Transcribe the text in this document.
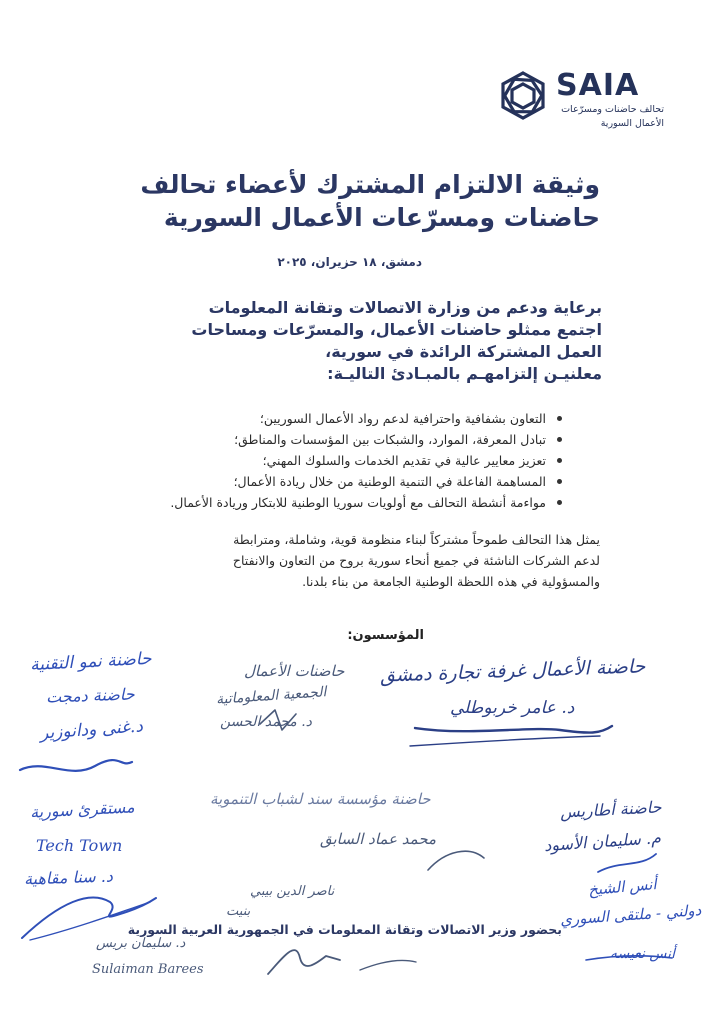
SAIA
تحالف حاضنات ومسرّعات
الأعمال السورية
وثيقة الالتزام المشترك لأعضاء تحالف
حاضنات ومسرّعات الأعمال السورية
دمشق، ١٨ حزيران، ٢٠٢٥
برعاية ودعم من وزارة الاتصالات وتقانة المعلومات
اجتمع ممثلو حاضنات الأعمال، والمسرّعات ومساحات
العمل المشتركة الرائدة في سورية،
معلنيـن إلتزامهـم بالمبـادئ التاليـة:
التعاون بشفافية واحترافية لدعم رواد الأعمال السوريين؛
تبادل المعرفة، الموارد، والشبكات بين المؤسسات والمناطق؛
تعزيز معايير عالية في تقديم الخدمات والسلوك المهني؛
المساهمة الفاعلة في التنمية الوطنية من خلال ريادة الأعمال؛
مواءمة أنشطة التحالف مع أولويات سوريا الوطنية للابتكار وريادة الأعمال.
يمثل هذا التحالف طموحاً مشتركاً لبناء منظومة قوية، وشاملة، ومترابطة
لدعم الشركات الناشئة في جميع أنحاء سورية بروح من التعاون والانفتاح
والمسؤولية في هذه اللحظة الوطنية الجامعة من بناء بلدنا.
المؤسسون:
حاضنة نمو التقنية
حاضنة دمجت
د.غنى ودانوزير
حاضنات الأعمال
الجمعية المعلوماتية
د. محمد الحسن
حاضنة الأعمال غرفة تجارة دمشق
د. عامر خربوطلي
مستقرئ سورية
Tech Town
د. سنا مقاهية
حاضنة مؤسسة سند لشباب التنموية
محمد عماد السابق
حاضنة أطاريس
م. سليمان الأسود
أنس الشيخ
دولني - ملتقى السوري
ناصر الدين بيبي
بنيت
د. سليمان بريس
Sulaiman Barees
أنس نعيسه
بحضور وزير الاتصالات وتقانة المعلومات في الجمهورية العربية السورية
